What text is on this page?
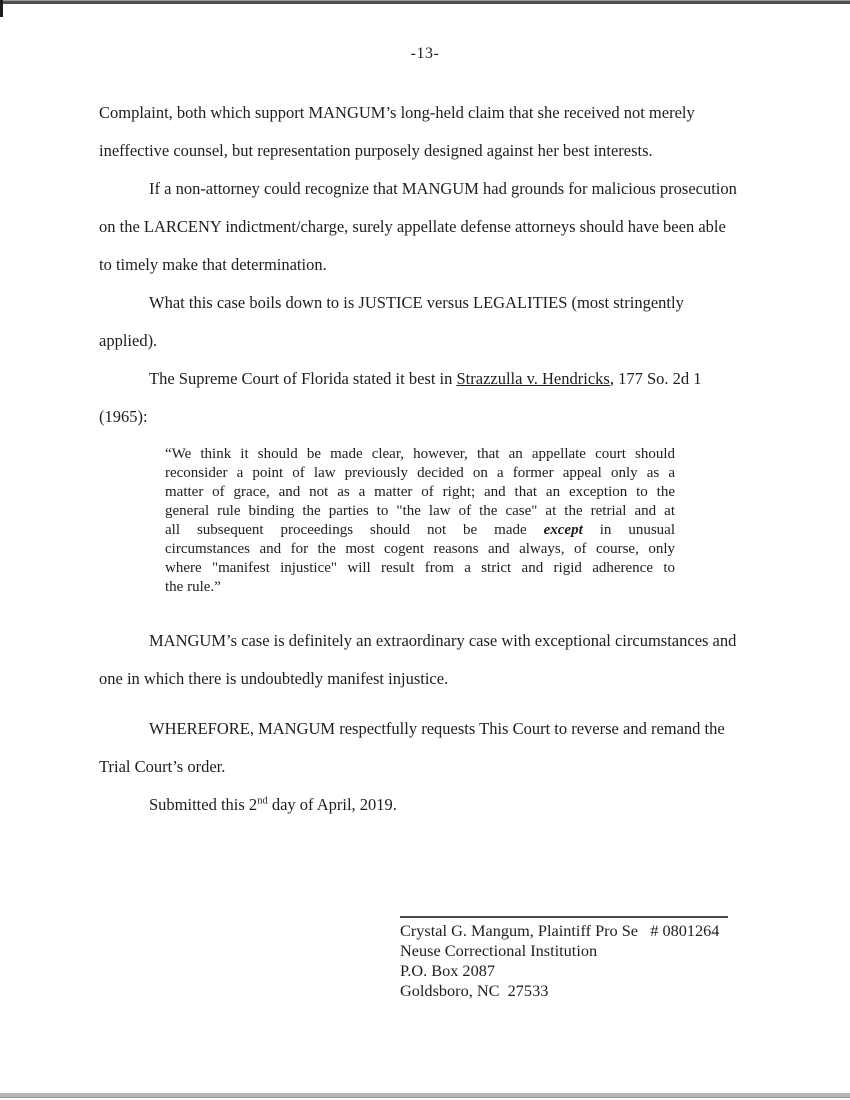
-13-
Complaint, both which support MANGUM’s long-held claim that she received not merely
ineffective counsel, but representation purposely designed against her best interests.
If a non-attorney could recognize that MANGUM had grounds for malicious prosecution
on the LARCENY indictment/charge, surely appellate defense attorneys should have been able
to timely make that determination.
What this case boils down to is JUSTICE versus LEGALITIES (most stringently
applied).
The Supreme Court of Florida stated it best in Strazzulla v. Hendricks, 177 So. 2d 1
(1965):
“We think it should be made clear, however, that an appellate court should
reconsider a point of law previously decided on a former appeal only as a
matter of grace, and not as a matter of right; and that an exception to the
general rule binding the parties to "the law of the case" at the retrial and at
all subsequent proceedings should not be made except in unusual
circumstances and for the most cogent reasons and always, of course, only
where "manifest injustice" will result from a strict and rigid adherence to
the rule.”
MANGUM’s case is definitely an extraordinary case with exceptional circumstances and
one in which there is undoubtedly manifest injustice.
WHEREFORE, MANGUM respectfully requests This Court to reverse and remand the
Trial Court’s order.
Submitted this 2nd day of April, 2019.
Crystal G. Mangum, Plaintiff Pro Se   # 0801264
Neuse Correctional Institution
P.O. Box 2087
Goldsboro, NC  27533
